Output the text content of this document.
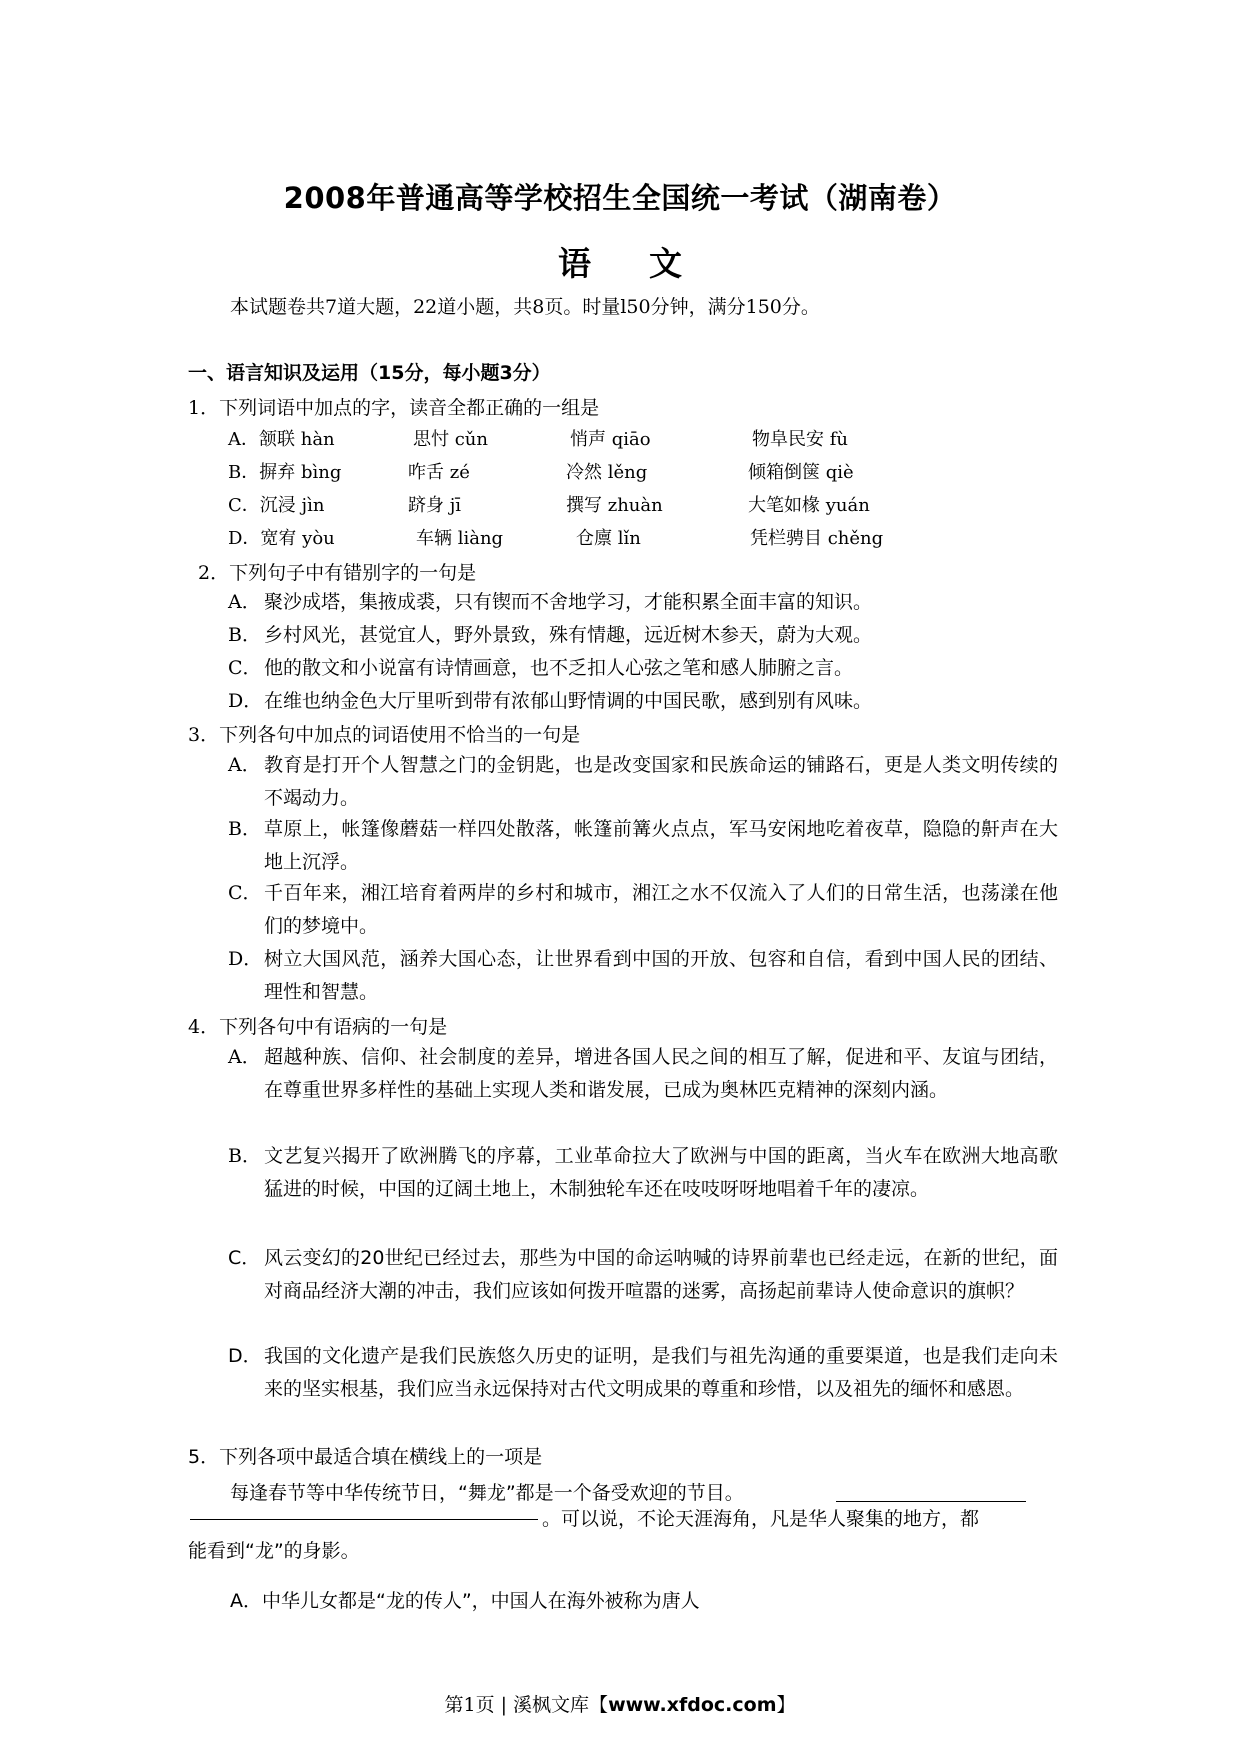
2008年普通高等学校招生全国统一考试（湖南卷）
语文
本试题卷共7道大题，22道小题，共8页。时量l50分钟，满分150分。
一、语言知识及运用（15分，每小题3分）
1．下列词语中加点的字，读音全都正确的一组是
A．颔联 hàn	思忖 cǔn	悄声 qiāo	物阜民安 fù
B．摒弃 bìng	咋舌 zé	冷然 lěng	倾箱倒箧 qiè
C．沉浸 jìn	跻身 jī	撰写 zhuàn	大笔如椽 yuán
D．宽宥 yòu	车辆 liàng	仓廪 lǐn	凭栏骋目 chěng
2．下列句子中有错别字的一句是
A． 聚沙成塔，集掖成裘，只有锲而不舍地学习，才能积累全面丰富的知识。
B． 乡村风光，甚觉宜人，野外景致，殊有情趣，远近树木参天，蔚为大观。
C． 他的散文和小说富有诗情画意，也不乏扣人心弦之笔和感人肺腑之言。
D． 在维也纳金色大厅里听到带有浓郁山野情调的中国民歌，感到别有风味。
3．下列各句中加点的词语使用不恰当的一句是
A． 教育是打开个人智慧之门的金钥匙，也是改变国家和民族命运的铺路石，更是人类文明传续的不竭动力。
B． 草原上，帐篷像蘑菇一样四处散落，帐篷前篝火点点，军马安闲地吃着夜草，隐隐的鼾声在大地上沉浮。
C． 千百年来，湘江培育着两岸的乡村和城市，湘江之水不仅流入了人们的日常生活，也荡漾在他们的梦境中。
D． 树立大国风范，涵养大国心态，让世界看到中国的开放、包容和自信，看到中国人民的团结、理性和智慧。
4．下列各句中有语病的一句是
A． 超越种族、信仰、社会制度的差异，增进各国人民之间的相互了解，促进和平、友谊与团结，在尊重世界多样性的基础上实现人类和谐发展，已成为奥林匹克精神的深刻内涵。
B． 文艺复兴揭开了欧洲腾飞的序幕，工业革命拉大了欧洲与中国的距离，当火车在欧洲大地高歌猛进的时候，中国的辽阔土地上，木制独轮车还在吱吱呀呀地唱着千年的凄凉。
C． 风云变幻的20世纪已经过去，那些为中国的命运呐喊的诗界前辈也已经走远，在新的世纪，面对商品经济大潮的冲击，我们应该如何拨开喧嚣的迷雾，高扬起前辈诗人使命意识的旗帜？
D． 我国的文化遗产是我们民族悠久历史的证明，是我们与祖先沟通的重要渠道，也是我们走向未来的坚实根基，我们应当永远保持对古代文明成果的尊重和珍惜，以及祖先的缅怀和感恩。
5．下列各项中最适合填在横线上的一项是
每逢春节等中华传统节日，“舞龙”都是一个备受欢迎的节目。
。可以说，不论天涯海角，凡是华人聚集的地方，都
能看到“龙”的身影。
A．中华儿女都是“龙的传人”，中国人在海外被称为唐人
第1页 | 溪枫文库【www.xfdoc.com】
